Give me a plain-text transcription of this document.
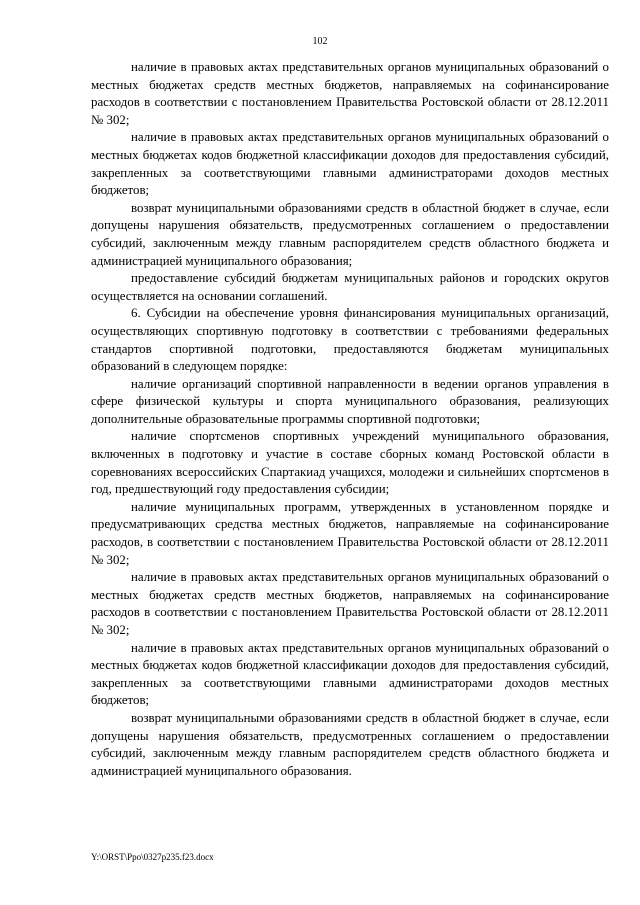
102

наличие в правовых актах представительных органов муниципальных образований о местных бюджетах средств местных бюджетов, направляемых на софинансирование расходов в соответствии с постановлением Правительства Ростовской области от 28.12.2011 № 302;

наличие в правовых актах представительных органов муниципальных образований о местных бюджетах кодов бюджетной классификации доходов для предоставления субсидий, закрепленных за соответствующими главными администраторами доходов местных бюджетов;

возврат муниципальными образованиями средств в областной бюджет в случае, если допущены нарушения обязательств, предусмотренных соглашением о предоставлении субсидий, заключенным между главным распорядителем средств областного бюджета и администрацией муниципального образования;

предоставление субсидий бюджетам муниципальных районов и городских округов осуществляется на основании соглашений.

6. Субсидии на обеспечение уровня финансирования муниципальных организаций, осуществляющих спортивную подготовку в соответствии с требованиями федеральных стандартов спортивной подготовки, предоставляются бюджетам муниципальных образований в следующем порядке:

наличие организаций спортивной направленности в ведении органов управления в сфере физической культуры и спорта муниципального образования, реализующих дополнительные образовательные программы спортивной подготовки;

наличие спортсменов спортивных учреждений муниципального образования, включенных в подготовку и участие в составе сборных команд Ростовской области в соревнованиях всероссийских Спартакиад учащихся, молодежи и сильнейших спортсменов в год, предшествующий году предоставления субсидии;

наличие муниципальных программ, утвержденных в установленном порядке и предусматривающих средства местных бюджетов, направляемые на софинансирование расходов, в соответствии с постановлением Правительства Ростовской области от 28.12.2011 № 302;

наличие в правовых актах представительных органов муниципальных образований о местных бюджетах средств местных бюджетов, направляемых на софинансирование расходов в соответствии с постановлением Правительства Ростовской области от 28.12.2011 № 302;

наличие в правовых актах представительных органов муниципальных образований о местных бюджетах кодов бюджетной классификации доходов для предоставления субсидий, закрепленных за соответствующими главными администраторами доходов местных бюджетов;

возврат муниципальными образованиями средств в областной бюджет в случае, если допущены нарушения обязательств, предусмотренных соглашением о предоставлении субсидий, заключенным между главным распорядителем средств областного бюджета и администрацией муниципального образования.

Y:\ORST\Ppo\0327p235.f23.docx
